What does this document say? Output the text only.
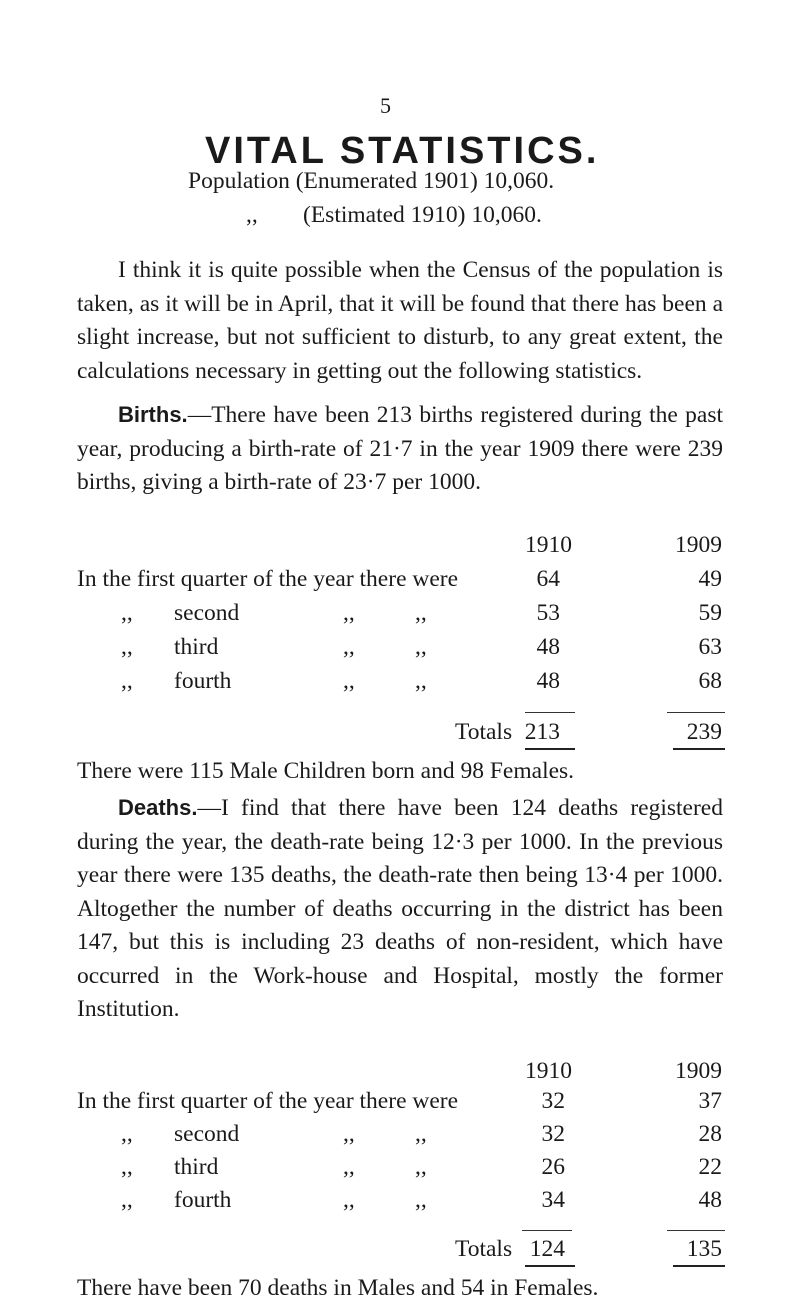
5
VITAL STATISTICS.
Population (Enumerated 1901) 10,060.
,, (Estimated 1910) 10,060.
I think it is quite possible when the Census of the population is taken, as it will be in April, that it will be found that there has been a slight increase, but not sufficient to disturb, to any great extent, the calculations necessary in getting out the following statistics.
Births.—There have been 213 births registered during the past year, producing a birth-rate of 21·7 in the year 1909 there were 239 births, giving a birth-rate of 23·7 per 1000.
1910	1909
In the first quarter of the year there were	64	49
,, second	,,	,,	53	59
,, third	,,	,,	48	63
,, fourth	,,	,,	48	68
Totals 213	239
There were 115 Male Children born and 98 Females.
Deaths.—I find that there have been 124 deaths registered during the year, the death-rate being 12·3 per 1000. In the previous year there were 135 deaths, the death-rate then being 13·4 per 1000. Altogether the number of deaths occurring in the district has been 147, but this is including 23 deaths of non-resident, which have occurred in the Work-house and Hospital, mostly the former Institution.
1910	1909
In the first quarter of the year there were	32	37
,, second	,,	,,	32	28
,, third	,,	,,	26	22
,, fourth	,,	,,	34	48
Totals 124	135
There have been 70 deaths in Males and 54 in Females.
